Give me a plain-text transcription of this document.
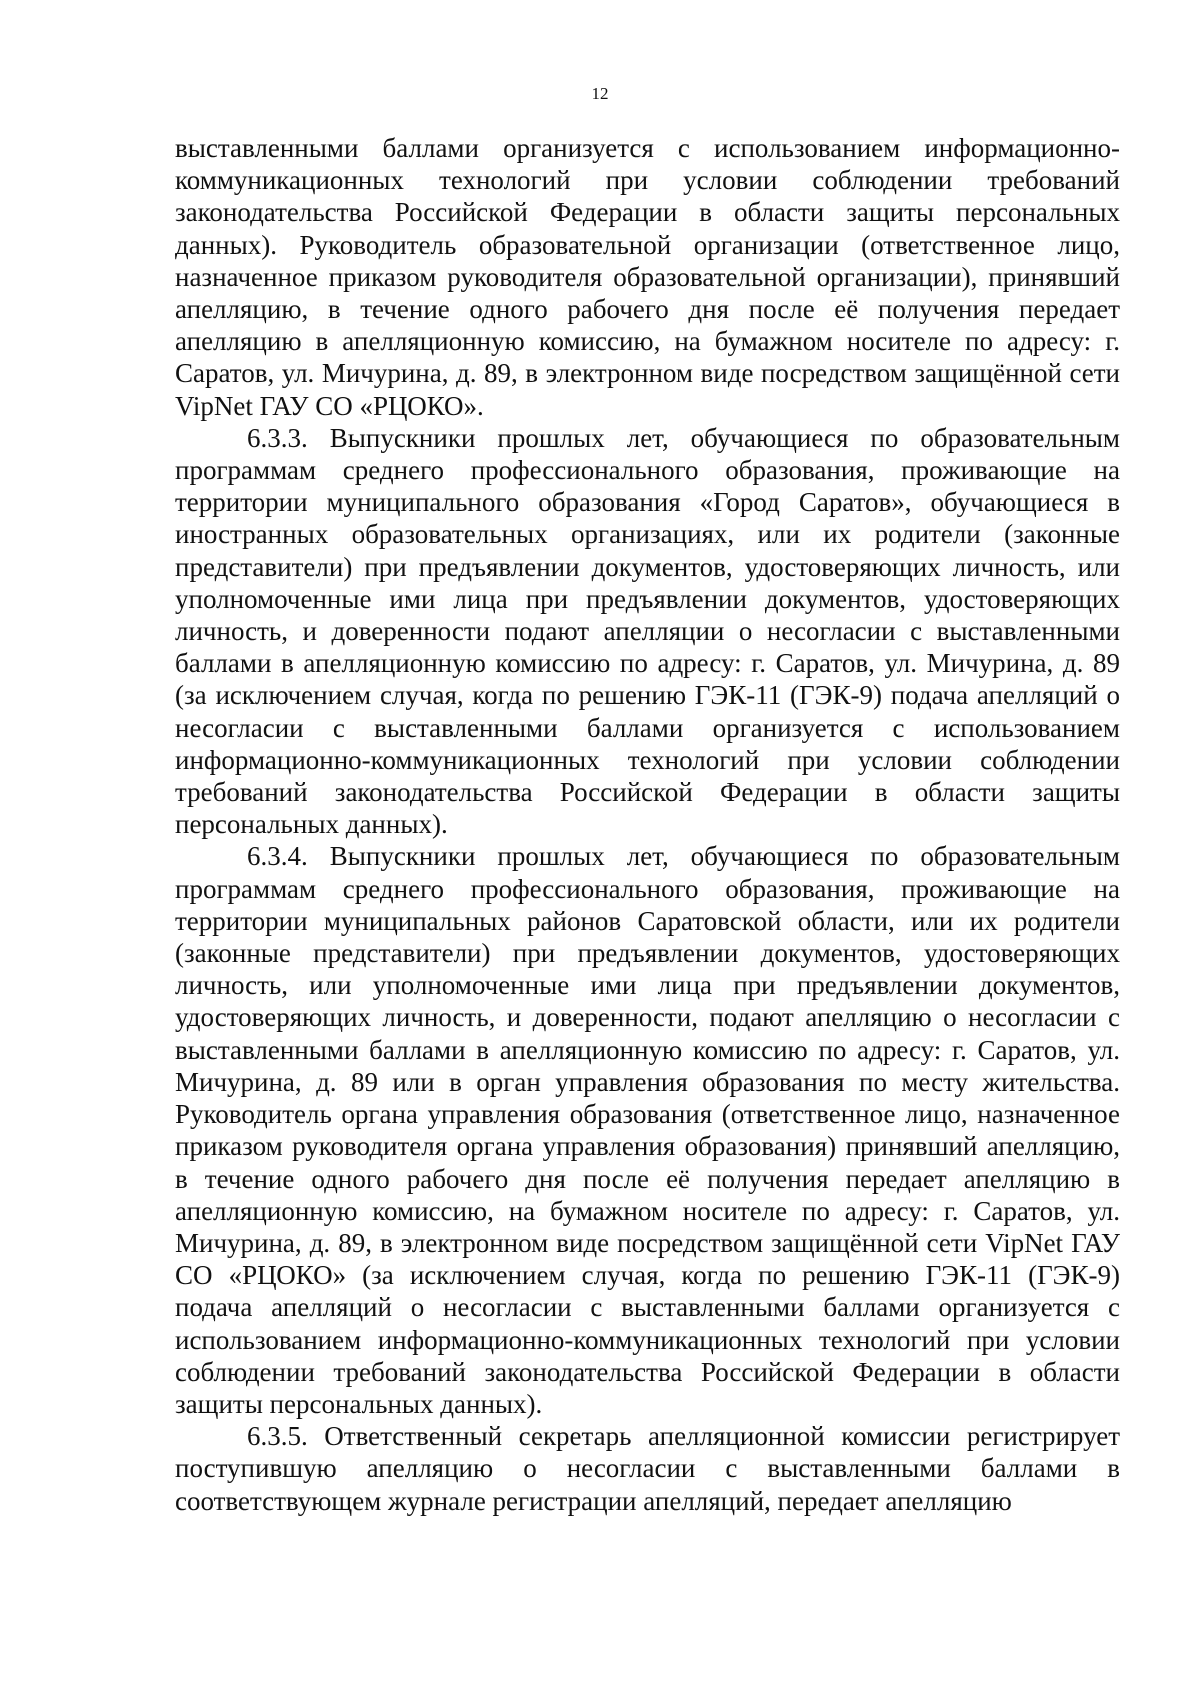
12

выставленными баллами организуется с использованием информационно-коммуникационных технологий при условии соблюдении требований законодательства Российской Федерации в области защиты персональных данных). Руководитель образовательной организации (ответственное лицо, назначенное приказом руководителя образовательной организации), принявший апелляцию, в течение одного рабочего дня после её получения передает апелляцию в апелляционную комиссию, на бумажном носителе по адресу: г. Саратов, ул. Мичурина, д. 89, в электронном виде посредством защищённой сети VipNet ГАУ СО «РЦОКО».

6.3.3. Выпускники прошлых лет, обучающиеся по образовательным программам среднего профессионального образования, проживающие на территории муниципального образования «Город Саратов», обучающиеся в иностранных образовательных организациях, или их родители (законные представители) при предъявлении документов, удостоверяющих личность, или уполномоченные ими лица при предъявлении документов, удостоверяющих личность, и доверенности подают апелляции о несогласии с выставленными баллами в апелляционную комиссию по адресу: г. Саратов, ул. Мичурина, д. 89 (за исключением случая, когда по решению ГЭК-11 (ГЭК-9) подача апелляций о несогласии с выставленными баллами организуется с использованием информационно-коммуникационных технологий при условии соблюдении требований законодательства Российской Федерации в области защиты персональных данных).

6.3.4. Выпускники прошлых лет, обучающиеся по образовательным программам среднего профессионального образования, проживающие на территории муниципальных районов Саратовской области, или их родители (законные представители) при предъявлении документов, удостоверяющих личность, или уполномоченные ими лица при предъявлении документов, удостоверяющих личность, и доверенности, подают апелляцию о несогласии с выставленными баллами в апелляционную комиссию по адресу: г. Саратов, ул. Мичурина, д. 89 или в орган управления образования по месту жительства. Руководитель органа управления образования (ответственное лицо, назначенное приказом руководителя органа управления образования) принявший апелляцию, в течение одного рабочего дня после её получения передает апелляцию в апелляционную комиссию, на бумажном носителе по адресу: г. Саратов, ул. Мичурина, д. 89, в электронном виде посредством защищённой сети VipNet ГАУ СО «РЦОКО» (за исключением случая, когда по решению ГЭК-11 (ГЭК-9) подача апелляций о несогласии с выставленными баллами организуется с использованием информационно-коммуникационных технологий при условии соблюдении требований законодательства Российской Федерации в области защиты персональных данных).

6.3.5. Ответственный секретарь апелляционной комиссии регистрирует поступившую апелляцию о несогласии с выставленными баллами в соответствующем журнале регистрации апелляций, передает апелляцию
